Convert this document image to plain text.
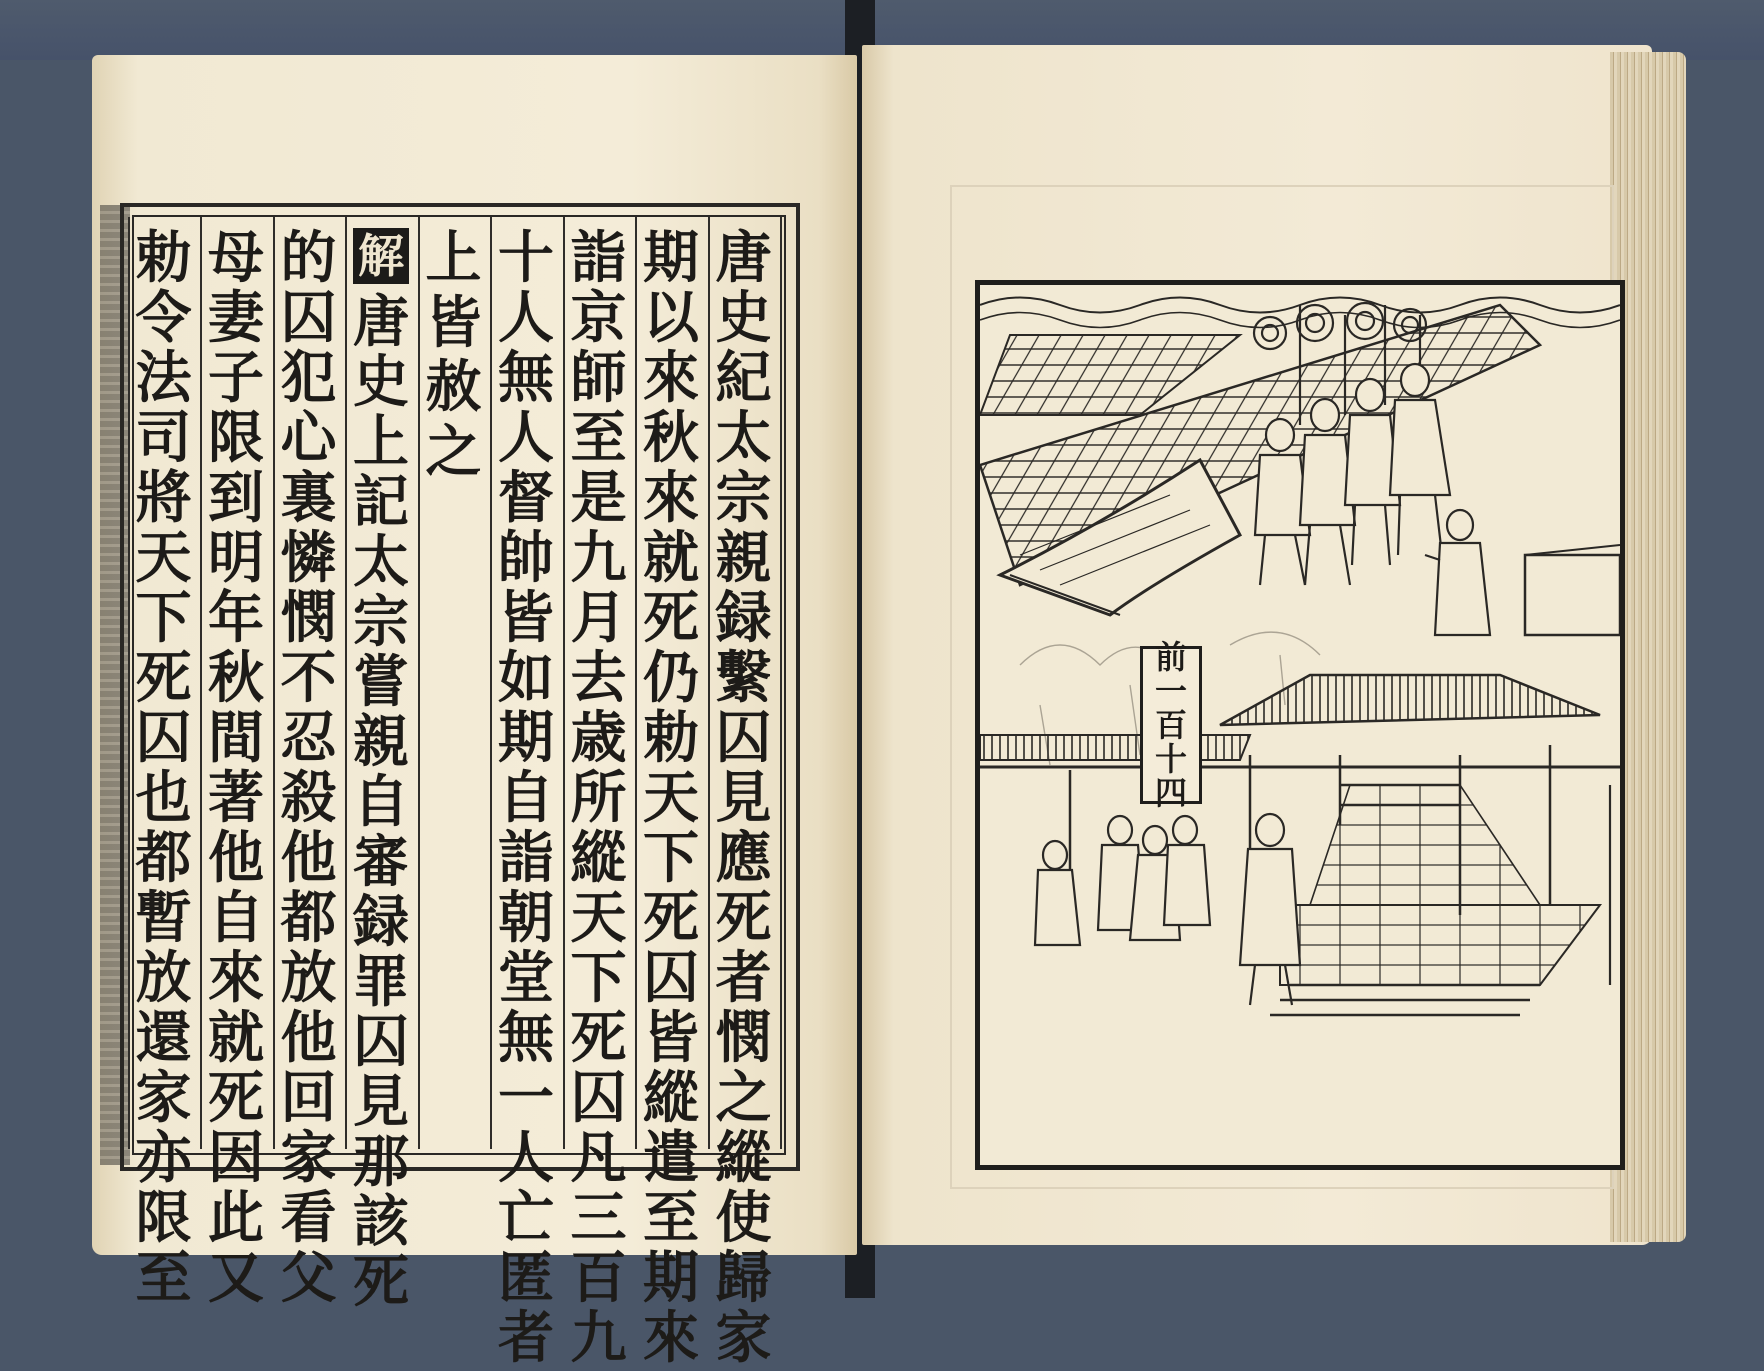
唐
史
紀
太
宗
親
録
繫
囚
見
應
死
者
憫
之
縱
使
歸
家
期
以
來
秋
來
就
死
仍
勅
天
下
死
囚
皆
縱
遣
至
期
來
詣
京
師
至
是
九
月
去
歳
所
縱
天
下
死
囚
凡
三
百
九
十
人
無
人
督
帥
皆
如
期
自
詣
朝
堂
無
一
人
亡
匿
者
上
皆
赦
之
解
唐
史
上
記
太
宗
嘗
親
自
審
録
罪
囚
見
那
該
死
的
囚
犯
心
裏
憐
憫
不
忍
殺
他
都
放
他
回
家
看
父
母
妻
子
限
到
明
年
秋
間
著
他
自
來
就
死
因
此
又
勅
令
法
司
將
天
下
死
囚
也
都
暫
放
還
家
亦
限
至
前
一
百
十
四
